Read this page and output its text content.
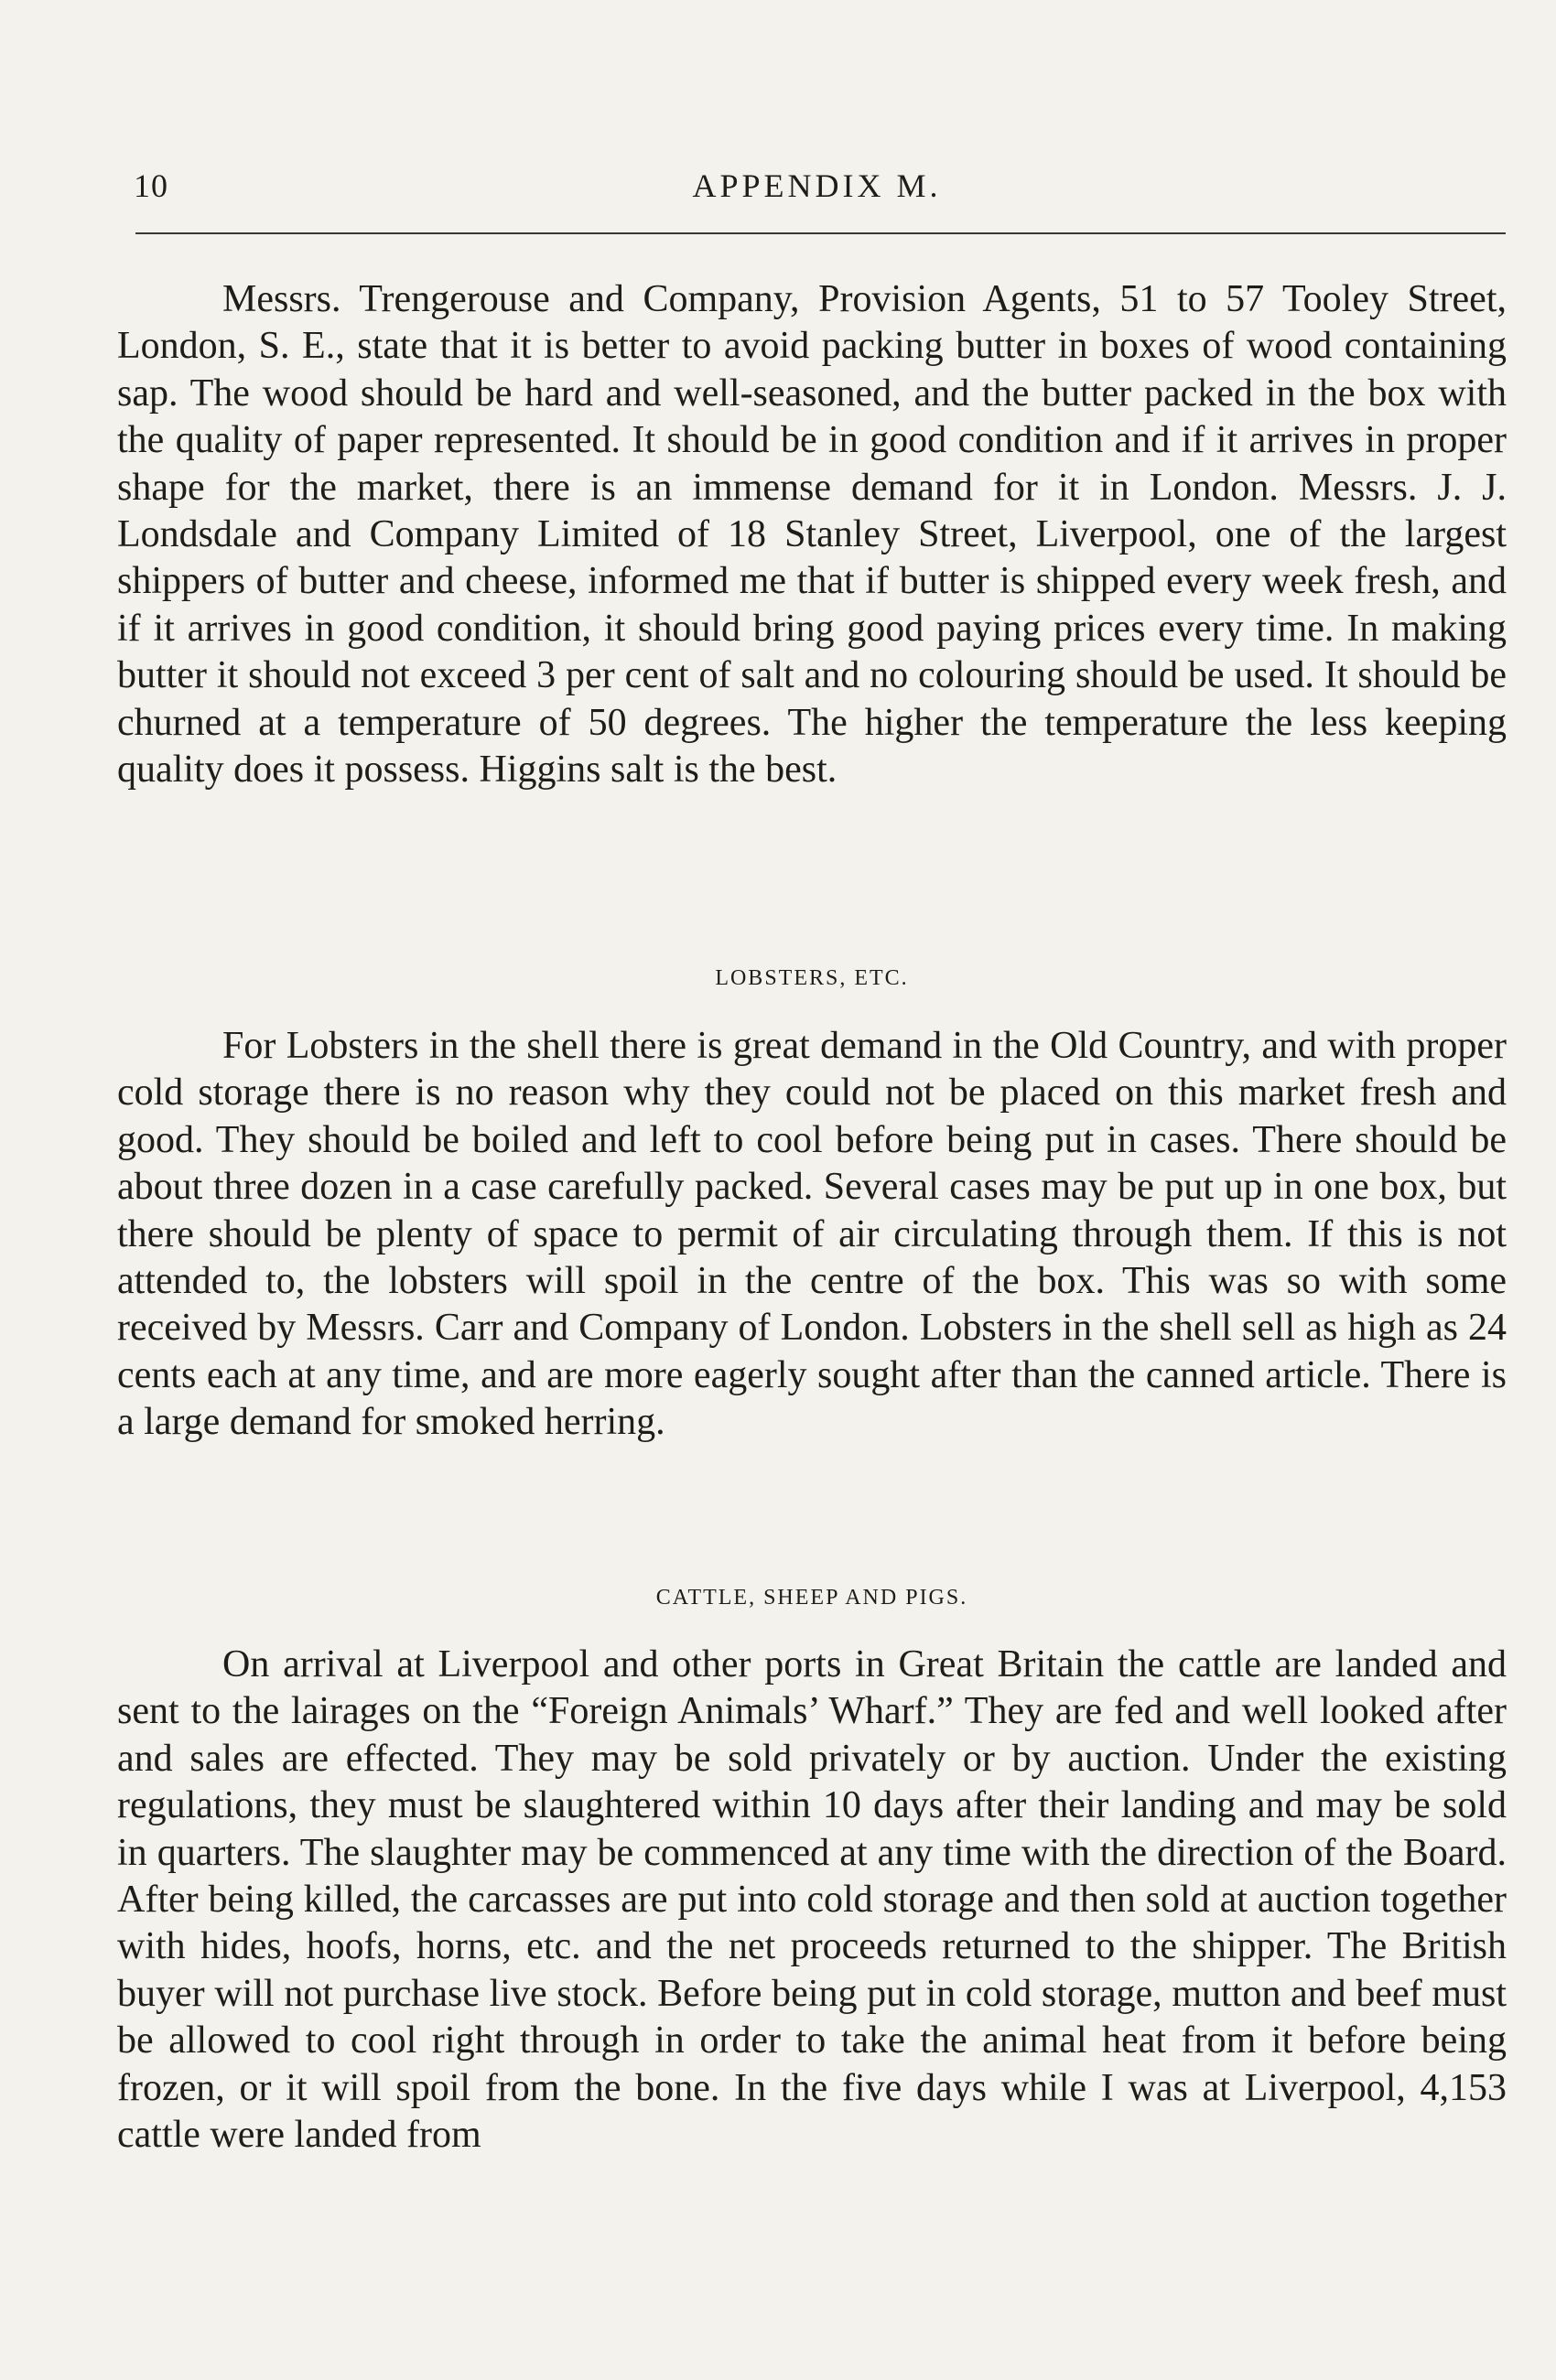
10	APPENDIX M.

Messrs. Trengerouse and Company, Provision Agents, 51 to 57 Tooley Street, London, S. E., state that it is better to avoid packing butter in boxes of wood containing sap. The wood should be hard and well-seasoned, and the butter packed in the box with the quality of paper represented. It should be in good condition and if it arrives in proper shape for the market, there is an immense demand for it in London. Messrs. J. J. Londsdale and Company Limited of 18 Stanley Street, Liverpool, one of the largest shippers of butter and cheese, informed me that if butter is shipped every week fresh, and if it arrives in good condition, it should bring good paying prices every time. In making butter it should not exceed 3 per cent of salt and no colouring should be used. It should be churned at a temperature of 50 degrees. The higher the temperature the less keeping quality does it possess. Higgins salt is the best.

LOBSTERS, ETC.

For Lobsters in the shell there is great demand in the Old Country, and with proper cold storage there is no reason why they could not be placed on this market fresh and good. They should be boiled and left to cool before being put in cases. There should be about three dozen in a case carefully packed. Several cases may be put up in one box, but there should be plenty of space to permit of air circulating through them. If this is not attended to, the lobsters will spoil in the centre of the box. This was so with some received by Messrs. Carr and Company of London. Lobsters in the shell sell as high as 24 cents each at any time, and are more eagerly sought after than the canned article. There is a large demand for smoked herring.

CATTLE, SHEEP AND PIGS.

On arrival at Liverpool and other ports in Great Britain the cattle are landed and sent to the lairages on the “Foreign Animals’ Wharf.” They are fed and well looked after and sales are effected. They may be sold privately or by auction. Under the existing regulations, they must be slaughtered within 10 days after their landing and may be sold in quarters. The slaughter may be commenced at any time with the direction of the Board. After being killed, the carcasses are put into cold storage and then sold at auction together with hides, hoofs, horns, etc. and the net proceeds returned to the shipper. The British buyer will not purchase live stock. Before being put in cold storage, mutton and beef must be allowed to cool right through in order to take the animal heat from it before being frozen, or it will spoil from the bone. In the five days while I was at Liverpool, 4,153 cattle were landed from
